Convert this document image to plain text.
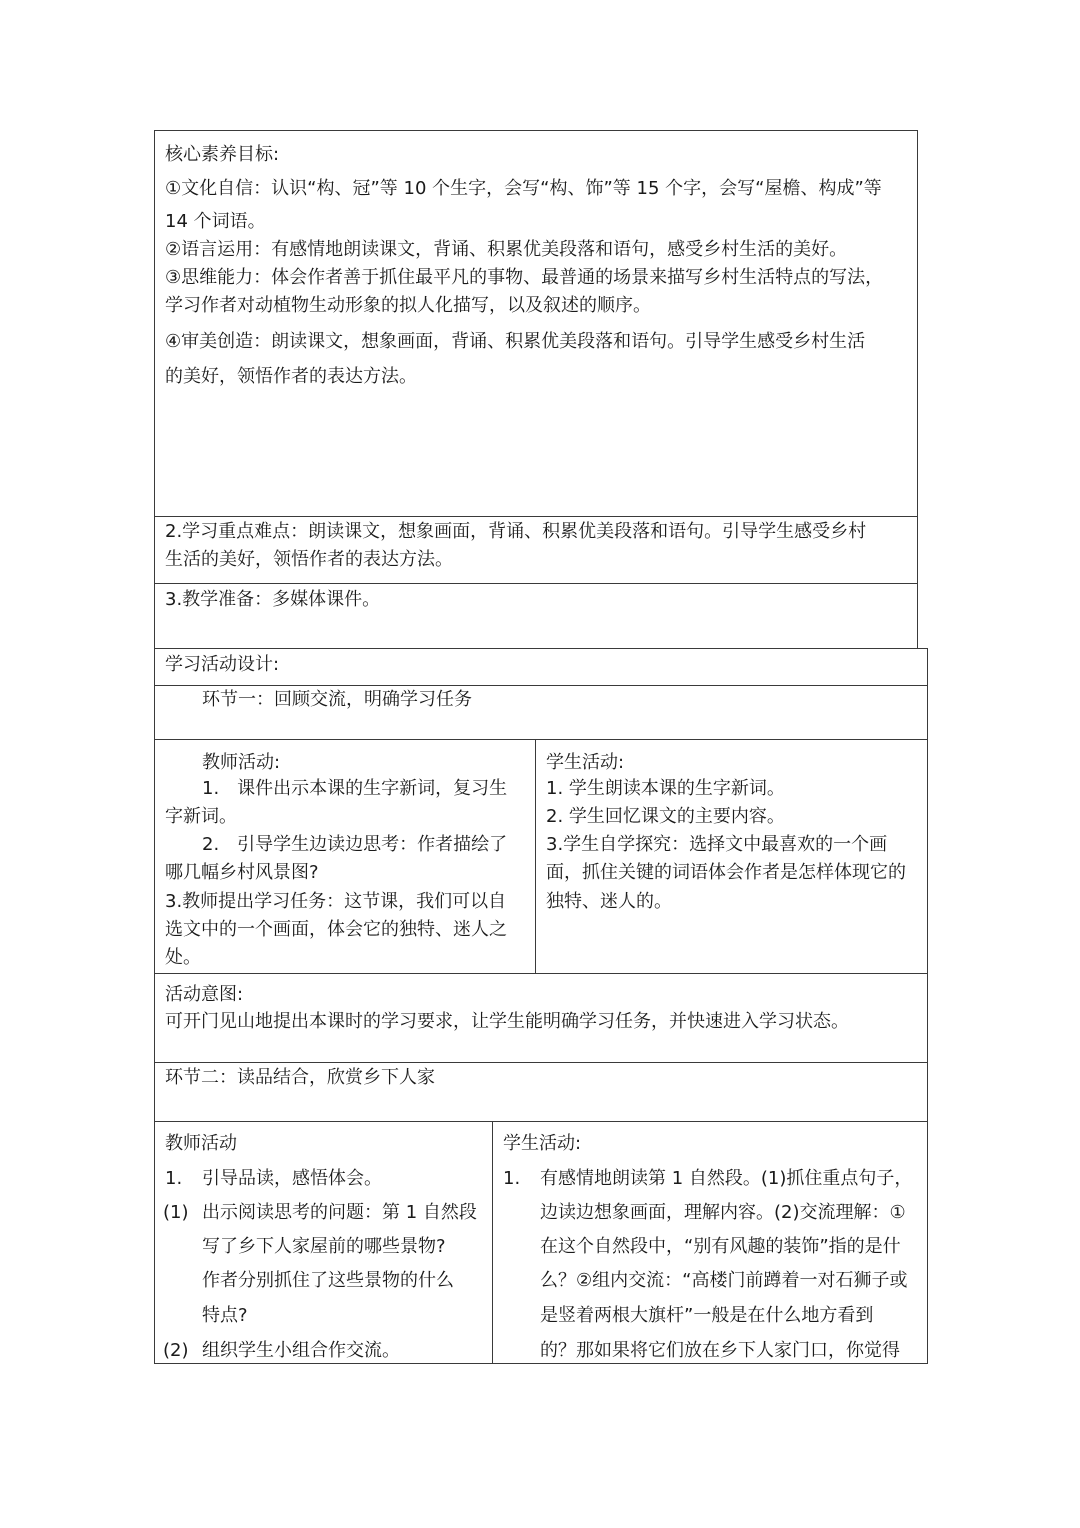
核心素养目标:
①文化自信：认识“构、冠”等 10 个生字，会写“构、饰”等 15 个字，会写“屋檐、构成”等
14 个词语。
②语言运用：有感情地朗读课文，背诵、积累优美段落和语句，感受乡村生活的美好。
③思维能力：体会作者善于抓住最平凡的事物、最普通的场景来描写乡村生活特点的写法，
学习作者对动植物生动形象的拟人化描写，以及叙述的顺序。
④审美创造：朗读课文，想象画面，背诵、积累优美段落和语句。引导学生感受乡村生活
的美好，领悟作者的表达方法。
2.学习重点难点：朗读课文，想象画面，背诵、积累优美段落和语句。引导学生感受乡村
生活的美好，领悟作者的表达方法。
3.教学准备：多媒体课件。
学习活动设计:
环节一：回顾交流，明确学习任务
教师活动:
1.　课件出示本课的生字新词，复习生
字新词。
2.　引导学生边读边思考：作者描绘了
哪几幅乡村风景图?
3.教师提出学习任务：这节课，我们可以自
选文中的一个画面，体会它的独特、迷人之
处。
学生活动:
1. 学生朗读本课的生字新词。
2. 学生回忆课文的主要内容。
3.学生自学探究：选择文中最喜欢的一个画
面，抓住关键的词语体会作者是怎样体现它的
独特、迷人的。
活动意图:
可开门见山地提出本课时的学习要求，让学生能明确学习任务，并快速进入学习状态。
环节二：读品结合，欣赏乡下人家
教师活动
1. 引导品读，感悟体会。
(1) 出示阅读思考的问题：第 1 自然段
写了乡下人家屋前的哪些景物?
作者分别抓住了这些景物的什么
特点?
(2) 组织学生小组合作交流。
学生活动:
1. 有感情地朗读第 1 自然段。(1)抓住重点句子，
边读边想象画面，理解内容。(2)交流理解：①
在这个自然段中，“别有风趣的装饰”指的是什
么？②组内交流：“高楼门前蹲着一对石狮子或
是竖着两根大旗杆”一般是在什么地方看到
的？那如果将它们放在乡下人家门口，你觉得
